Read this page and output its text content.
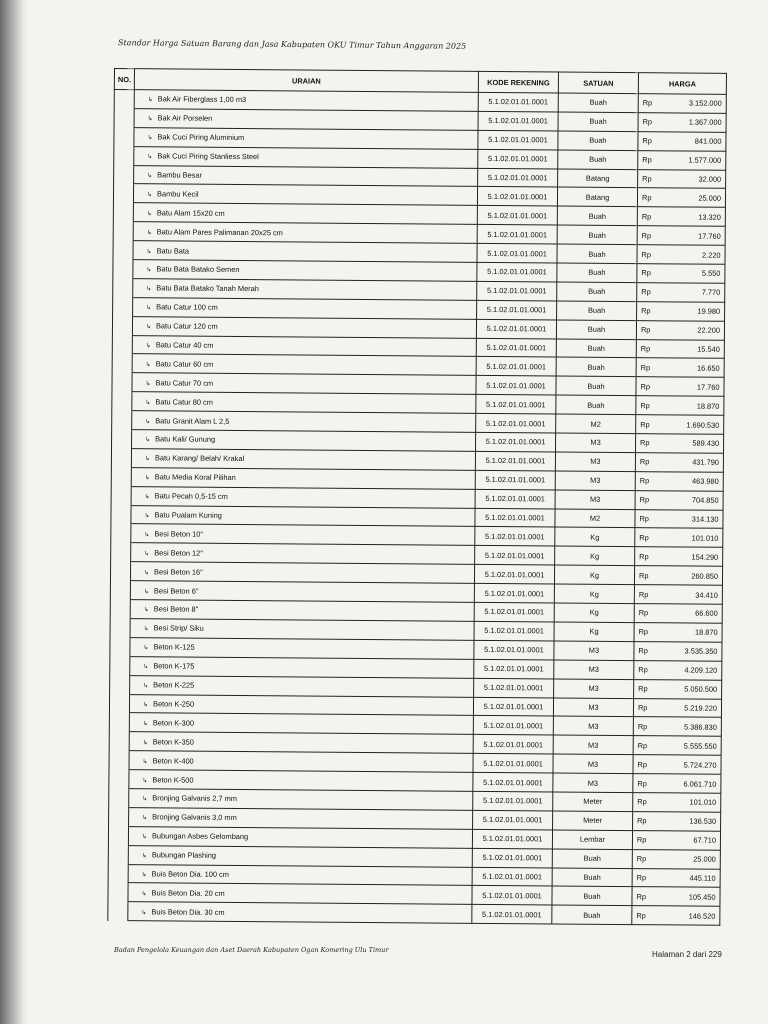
Standar Harga Satuan Barang dan Jasa Kabupaten OKU Timur Tahun Anggaran 2025
NO.	URAIAN	KODE REKENING	SATUAN	HARGA	
	↳ Bak Air Fiberglass 1,00 m3	5.1.02.01.01.0001	Buah	Rp	3.152.000
	↳ Bak Air Porselen	5.1.02.01.01.0001	Buah	Rp	1.367.000
	↳ Bak Cuci Piring Aluminium	5.1.02.01.01.0001	Buah	Rp	841.000
	↳ Bak Cuci Piring Stanliess Steel	5.1.02.01.01.0001	Buah	Rp	1.577.000
	↳ Bambu Besar	5.1.02.01.01.0001	Batang	Rp	32.000
	↳ Bambu Kecil	5.1.02.01.01.0001	Batang	Rp	25.000
	↳ Batu Alam 15x20 cm	5.1.02.01.01.0001	Buah	Rp	13.320
	↳ Batu Alam Pares Palimanan 20x25 cm	5.1.02.01.01.0001	Buah	Rp	17.760
	↳ Batu Bata	5.1.02.01.01.0001	Buah	Rp	2.220
	↳ Batu Bata Batako Semen	5.1.02.01.01.0001	Buah	Rp	5.550
	↳ Batu Bata Batako Tanah Merah	5.1.02.01.01.0001	Buah	Rp	7.770
	↳ Batu Catur 100 cm	5.1.02.01.01.0001	Buah	Rp	19.980
	↳ Batu Catur 120 cm	5.1.02.01.01.0001	Buah	Rp	22.200
	↳ Batu Catur 40 cm	5.1.02.01.01.0001	Buah	Rp	15.540
	↳ Batu Catur 60 cm	5.1.02.01.01.0001	Buah	Rp	16.650
	↳ Batu Catur 70 cm	5.1.02.01.01.0001	Buah	Rp	17.760
	↳ Batu Catur 80 cm	5.1.02.01.01.0001	Buah	Rp	18.870
	↳ Batu Granit Alam L 2,5	5.1.02.01.01.0001	M2	Rp	1.690.530
	↳ Batu Kali/ Gunung	5.1.02.01.01.0001	M3	Rp	589.430
	↳ Batu Karang/ Belah/ Krakal	5.1.02.01.01.0001	M3	Rp	431.790
	↳ Batu Media Koral Pilihan	5.1.02.01.01.0001	M3	Rp	463.980
	↳ Batu Pecah 0,5-15 cm	5.1.02.01.01.0001	M3	Rp	704.850
	↳ Batu Pualam Kuning	5.1.02.01.01.0001	M2	Rp	314.130
	↳ Besi Beton 10"	5.1.02.01.01.0001	Kg	Rp	101.010
	↳ Besi Beton 12"	5.1.02.01.01.0001	Kg	Rp	154.290
	↳ Besi Beton 16"	5.1.02.01.01.0001	Kg	Rp	260.850
	↳ Besi Beton 6"	5.1.02.01.01.0001	Kg	Rp	34.410
	↳ Besi Beton 8"	5.1.02.01.01.0001	Kg	Rp	66.600
	↳ Besi Strip/ Siku	5.1.02.01.01.0001	Kg	Rp	18.870
	↳ Beton K-125	5.1.02.01.01.0001	M3	Rp	3.535.350
	↳ Beton K-175	5.1.02.01.01.0001	M3	Rp	4.209.120
	↳ Beton K-225	5.1.02.01.01.0001	M3	Rp	5.050.500
	↳ Beton K-250	5.1.02.01.01.0001	M3	Rp	5.219.220
	↳ Beton K-300	5.1.02.01.01.0001	M3	Rp	5.386.830
	↳ Beton K-350	5.1.02.01.01.0001	M3	Rp	5.555.550
	↳ Beton K-400	5.1.02.01.01.0001	M3	Rp	5.724.270
	↳ Beton K-500	5.1.02.01.01.0001	M3	Rp	6.061.710
	↳ Bronjing Galvanis 2,7 mm	5.1.02.01.01.0001	Meter	Rp	101.010
	↳ Bronjing Galvanis 3,0 mm	5.1.02.01.01.0001	Meter	Rp	136.530
	↳ Bubungan Asbes Gelombang	5.1.02.01.01.0001	Lembar	Rp	67.710
	↳ Bubungan Plashing	5.1.02.01.01.0001	Buah	Rp	25.000
	↳ Buis Beton Dia. 100 cm	5.1.02.01.01.0001	Buah	Rp	445.110
	↳ Buis Beton Dia. 20 cm	5.1.02.01.01.0001	Buah	Rp	105.450
	↳ Buis Beton Dia. 30 cm	5.1.02.01.01.0001	Buah	Rp	146.520
Badan Pengelola Keuangan dan Aset Daerah Kabupaten Ogan Komering Ulu Timur	Halaman 2 dari 229
